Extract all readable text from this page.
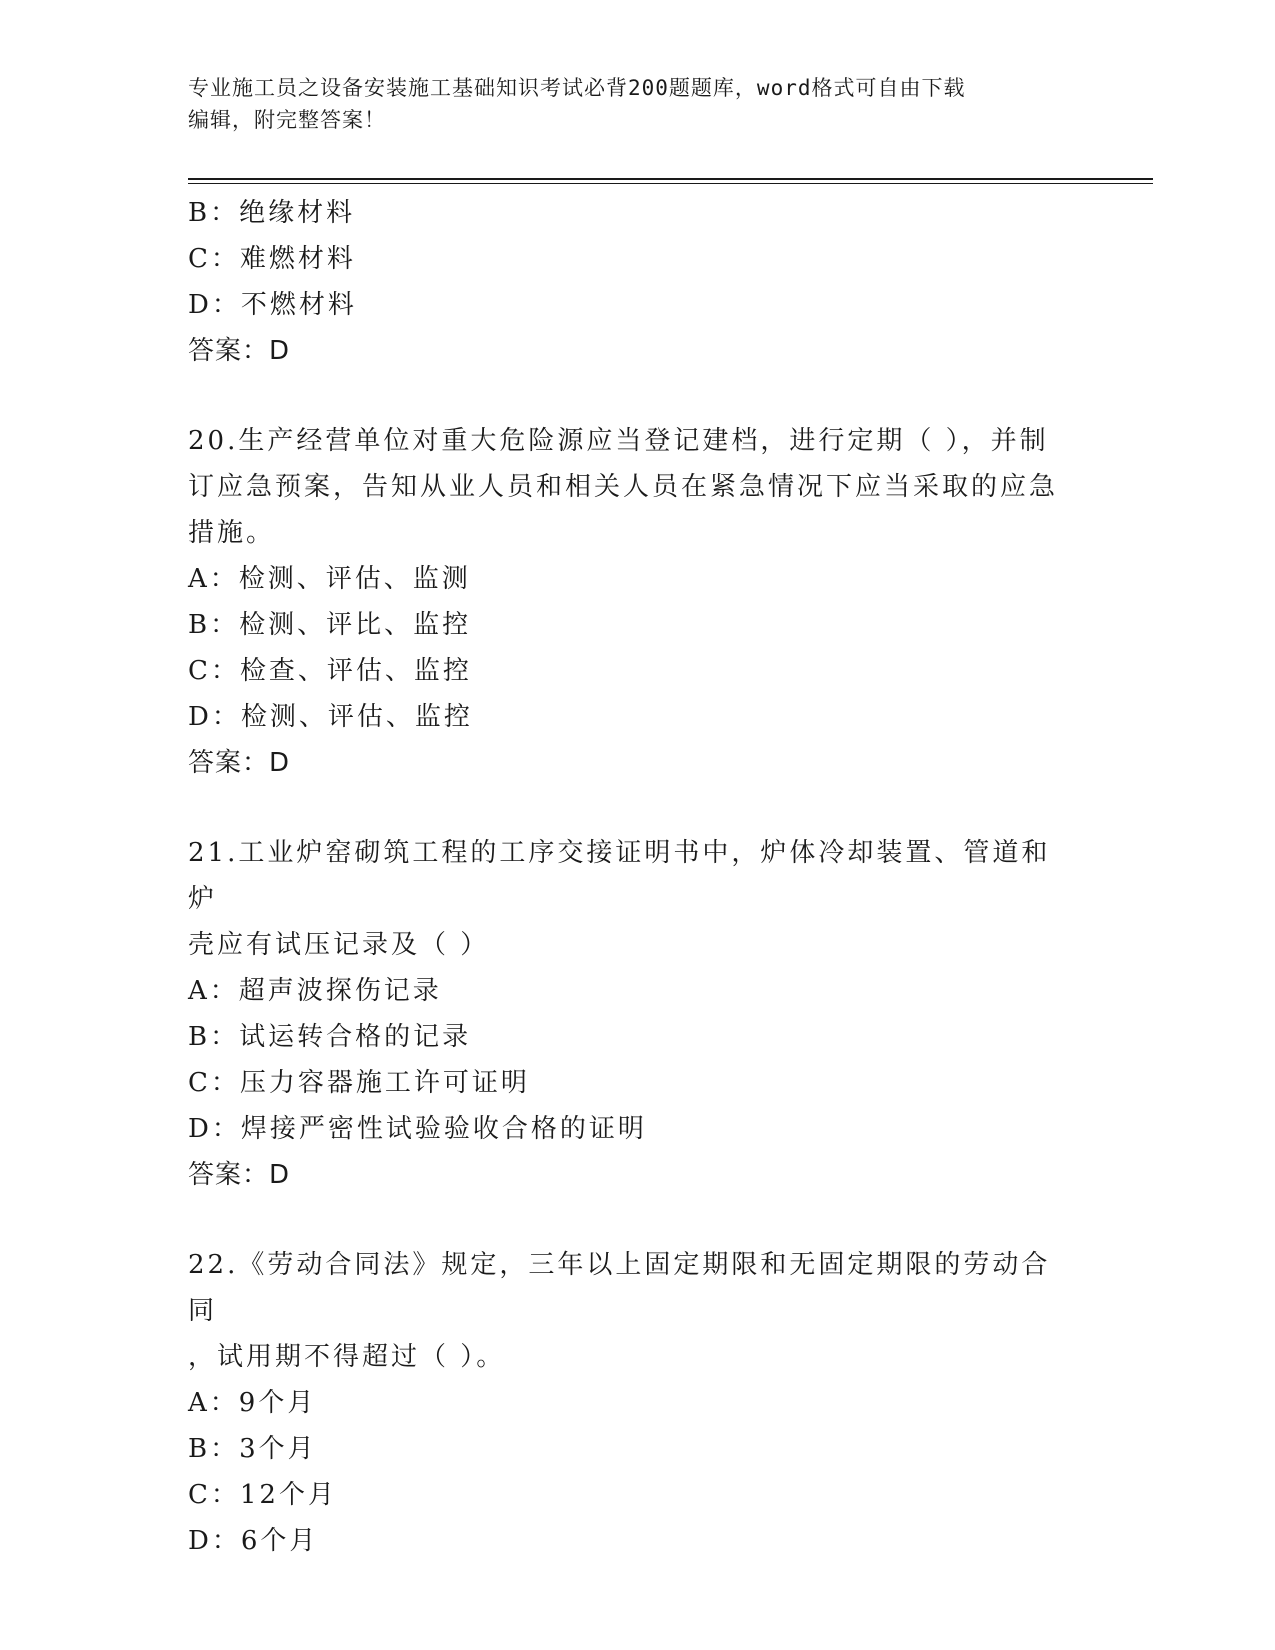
专业施工员之设备安装施工基础知识考试必背200题题库，word格式可自由下载
编辑，附完整答案！
B：绝缘材料
C：难燃材料
D：不燃材料
答案：D
20.生产经营单位对重大危险源应当登记建档，进行定期（ ），并制
订应急预案，告知从业人员和相关人员在紧急情况下应当采取的应急
措施。
A：检测、评估、监测
B：检测、评比、监控
C：检查、评估、监控
D：检测、评估、监控
答案：D
21.工业炉窑砌筑工程的工序交接证明书中，炉体冷却装置、管道和炉
壳应有试压记录及（ ）
A：超声波探伤记录
B：试运转合格的记录
C：压力容器施工许可证明
D：焊接严密性试验验收合格的证明
答案：D
22.《劳动合同法》规定，三年以上固定期限和无固定期限的劳动合同
，试用期不得超过（ ）。
A：9个月
B：3个月
C：12个月
D：6个月
